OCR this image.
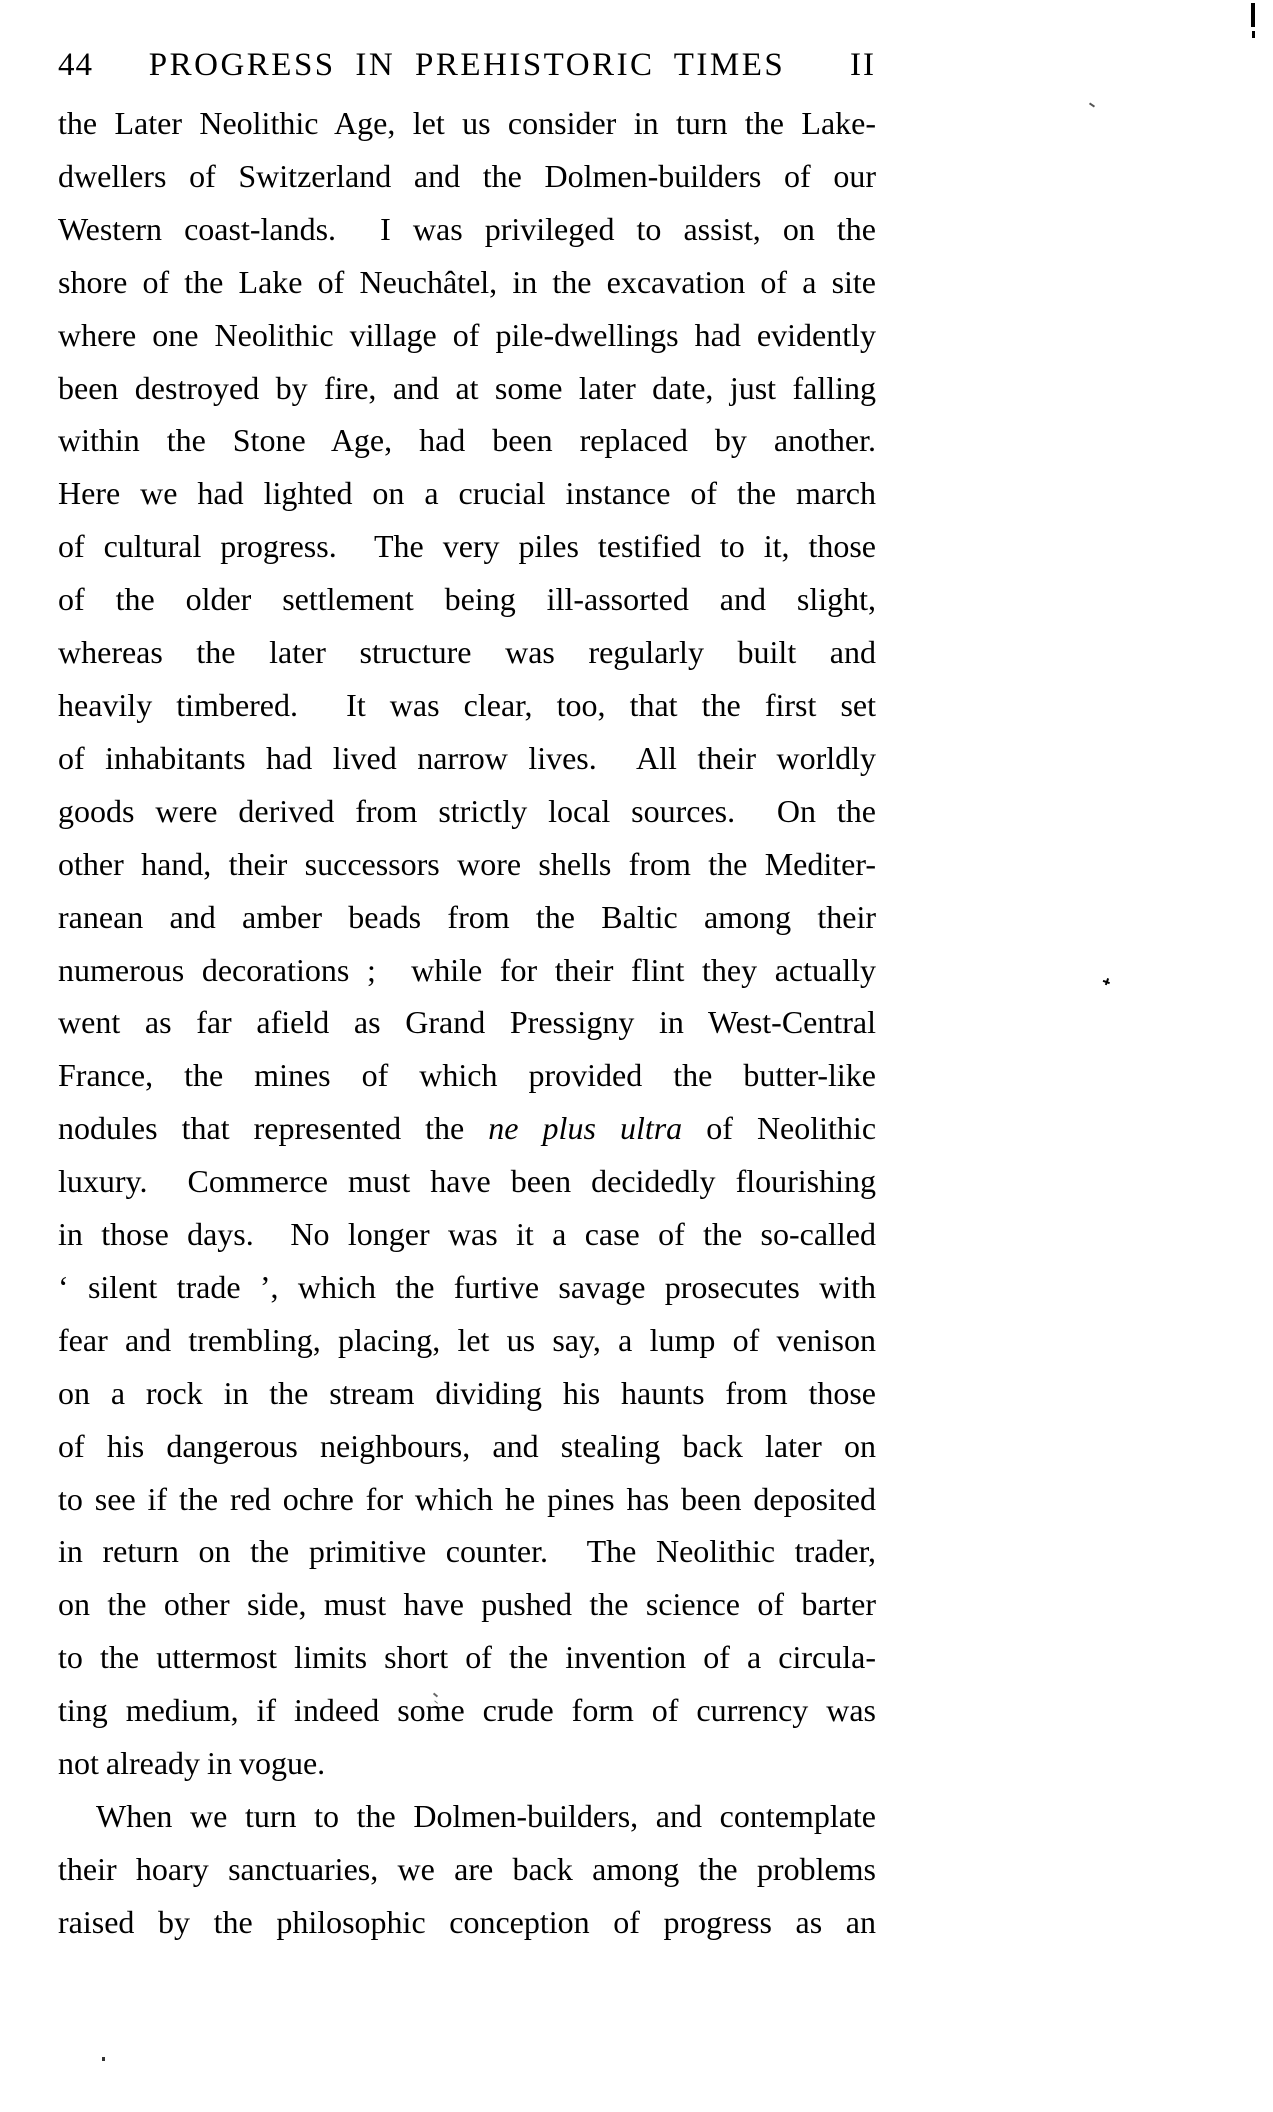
44	PROGRESS IN PREHISTORIC TIMES	II
the Later Neolithic Age, let us consider in turn the Lake-
dwellers of Switzerland and the Dolmen-builders of our
Western coast-lands.  I was privileged to assist, on the
shore of the Lake of Neuchâtel, in the excavation of a site
where one Neolithic village of pile-dwellings had evidently
been destroyed by fire, and at some later date, just falling
within the Stone Age, had been replaced by another.
Here we had lighted on a crucial instance of the march
of cultural progress.  The very piles testified to it, those
of the older settlement being ill-assorted and slight,
whereas the later structure was regularly built and
heavily timbered.  It was clear, too, that the first set
of inhabitants had lived narrow lives.  All their worldly
goods were derived from strictly local sources.  On the
other hand, their successors wore shells from the Mediter-
ranean and amber beads from the Baltic among their
numerous decorations ;  while for their flint they actually
went as far afield as Grand Pressigny in West-Central
France, the mines of which provided the butter-like
nodules that represented the ne plus ultra of Neolithic
luxury.  Commerce must have been decidedly flourishing
in those days.  No longer was it a case of the so-called
‘ silent trade ’, which the furtive savage prosecutes with
fear and trembling, placing, let us say, a lump of venison
on a rock in the stream dividing his haunts from those
of his dangerous neighbours, and stealing back later on
to see if the red ochre for which he pines has been deposited
in return on the primitive counter.  The Neolithic trader,
on the other side, must have pushed the science of barter
to the uttermost limits short of the invention of a circula-
ting medium, if indeed some crude form of currency was
not already in vogue.
When we turn to the Dolmen-builders, and contemplate
their hoary sanctuaries, we are back among the problems
raised by the philosophic conception of progress as an
